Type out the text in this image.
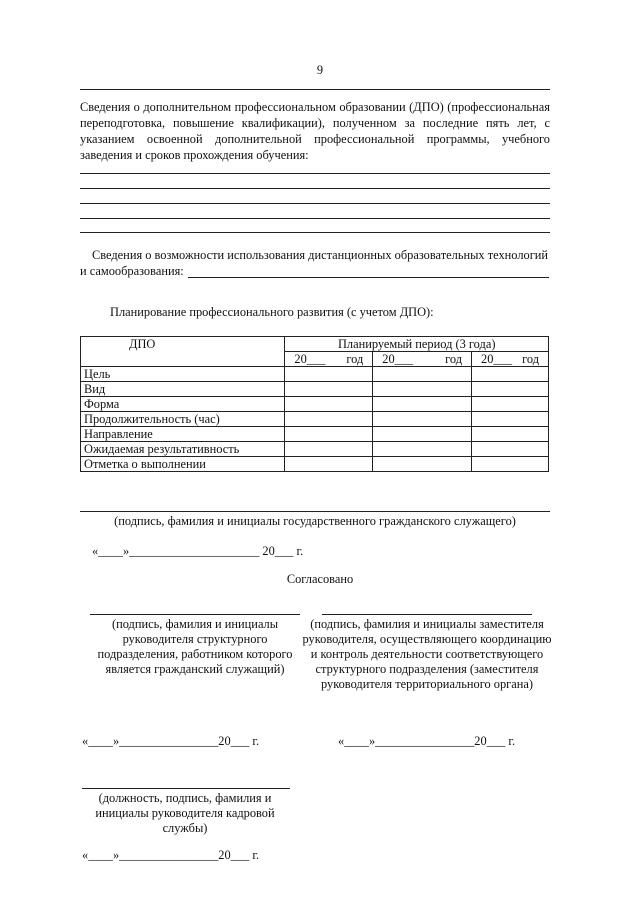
9
Сведения о дополнительном профессиональном образовании (ДПО) (профессиональная переподготовка, повышение квалификации), полученном за последние пять лет, с указанием освоенной дополнительной профессиональной программы, учебного заведения и сроков прохождения обучения:
Сведения о возможности использования дистанционных образовательных технологий
и самообразования:
Планирование профессионального развития (с учетом ДПО):
ДПО	Планируемый период (3 года)		

	20___ год	20___ год	20___ год

Цель			
Вид			
Форма			
Продолжительность (час)			
Направление			
Ожидаемая результативность			
Отметка о выполнении			
(подпись, фамилия и инициалы государственного гражданского служащего)
«____»_____________________ 20___ г.
Согласовано
(подпись, фамилия и инициалы руководителя структурного подразделения, работником которого является гражданский служащий)
«____»________________20___ г.
(подпись, фамилия и инициалы заместителя руководителя, осуществляющего координацию и контроль деятельности соответствующего структурного подразделения (заместителя руководителя территориального органа)
«____»________________20___ г.
(должность, подпись, фамилия и инициалы руководителя кадровой службы)
«____»________________20___ г.
